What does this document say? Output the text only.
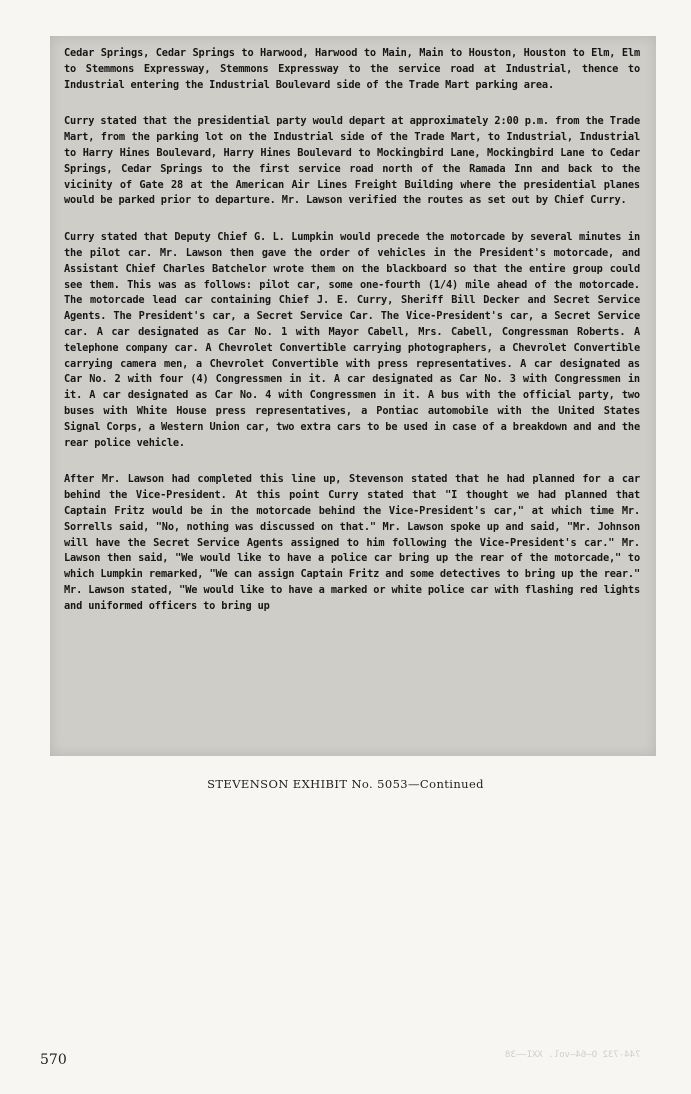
Cedar Springs, Cedar Springs to Harwood, Harwood to Main, Main to Houston, Houston to Elm, Elm to Stemmons Expressway, Stemmons Expressway to the service road at Industrial, thence to Industrial entering the Industrial Boulevard side of the Trade Mart parking area.

Curry stated that the presidential party would depart at approximately 2:00 p.m. from the Trade Mart, from the parking lot on the Industrial side of the Trade Mart, to Industrial, Industrial to Harry Hines Boulevard, Harry Hines Boulevard to Mockingbird Lane, Mockingbird Lane to Cedar Springs, Cedar Springs to the first service road north of the Ramada Inn and back to the vicinity of Gate 28 at the American Air Lines Freight Building where the presidential planes would be parked prior to departure. Mr. Lawson verified the routes as set out by Chief Curry.

Curry stated that Deputy Chief G. L. Lumpkin would precede the motorcade by several minutes in the pilot car. Mr. Lawson then gave the order of vehicles in the President's motorcade, and Assistant Chief Charles Batchelor wrote them on the blackboard so that the entire group could see them. This was as follows: pilot car, some one-fourth (1/4) mile ahead of the motorcade. The motorcade lead car containing Chief J. E. Curry, Sheriff Bill Decker and Secret Service Agents. The President's car, a Secret Service Car. The Vice-President's car, a Secret Service car. A car designated as Car No. 1 with Mayor Cabell, Mrs. Cabell, Congressman Roberts. A telephone company car. A Chevrolet Convertible carrying photographers, a Chevrolet Convertible carrying camera men, a Chevrolet Convertible with press representatives. A car designated as Car No. 2 with four (4) Congressmen in it. A car designated as Car No. 3 with Congressmen in it. A car designated as Car No. 4 with Congressmen in it. A bus with the official party, two buses with White House press representatives, a Pontiac automobile with the United States Signal Corps, a Western Union car, two extra cars to be used in case of a breakdown and and the rear police vehicle.

After Mr. Lawson had completed this line up, Stevenson stated that he had planned for a car behind the Vice-President. At this point Curry stated that "I thought we had planned that Captain Fritz would be in the motorcade behind the Vice-President's car," at which time Mr. Sorrells said, "No, nothing was discussed on that." Mr. Lawson spoke up and said, "Mr. Johnson will have the Secret Service Agents assigned to him following the Vice-President's car." Mr. Lawson then said, "We would like to have a police car bring up the rear of the motorcade," to which Lumpkin remarked, "We can assign Captain Fritz and some detectives to bring up the rear." Mr. Lawson stated, "We would like to have a marked or white police car with flashing red lights and uniformed officers to bring up

STEVENSON EXHIBIT No. 5053—Continued
570	744-732 O—64—vol. XXI——38
